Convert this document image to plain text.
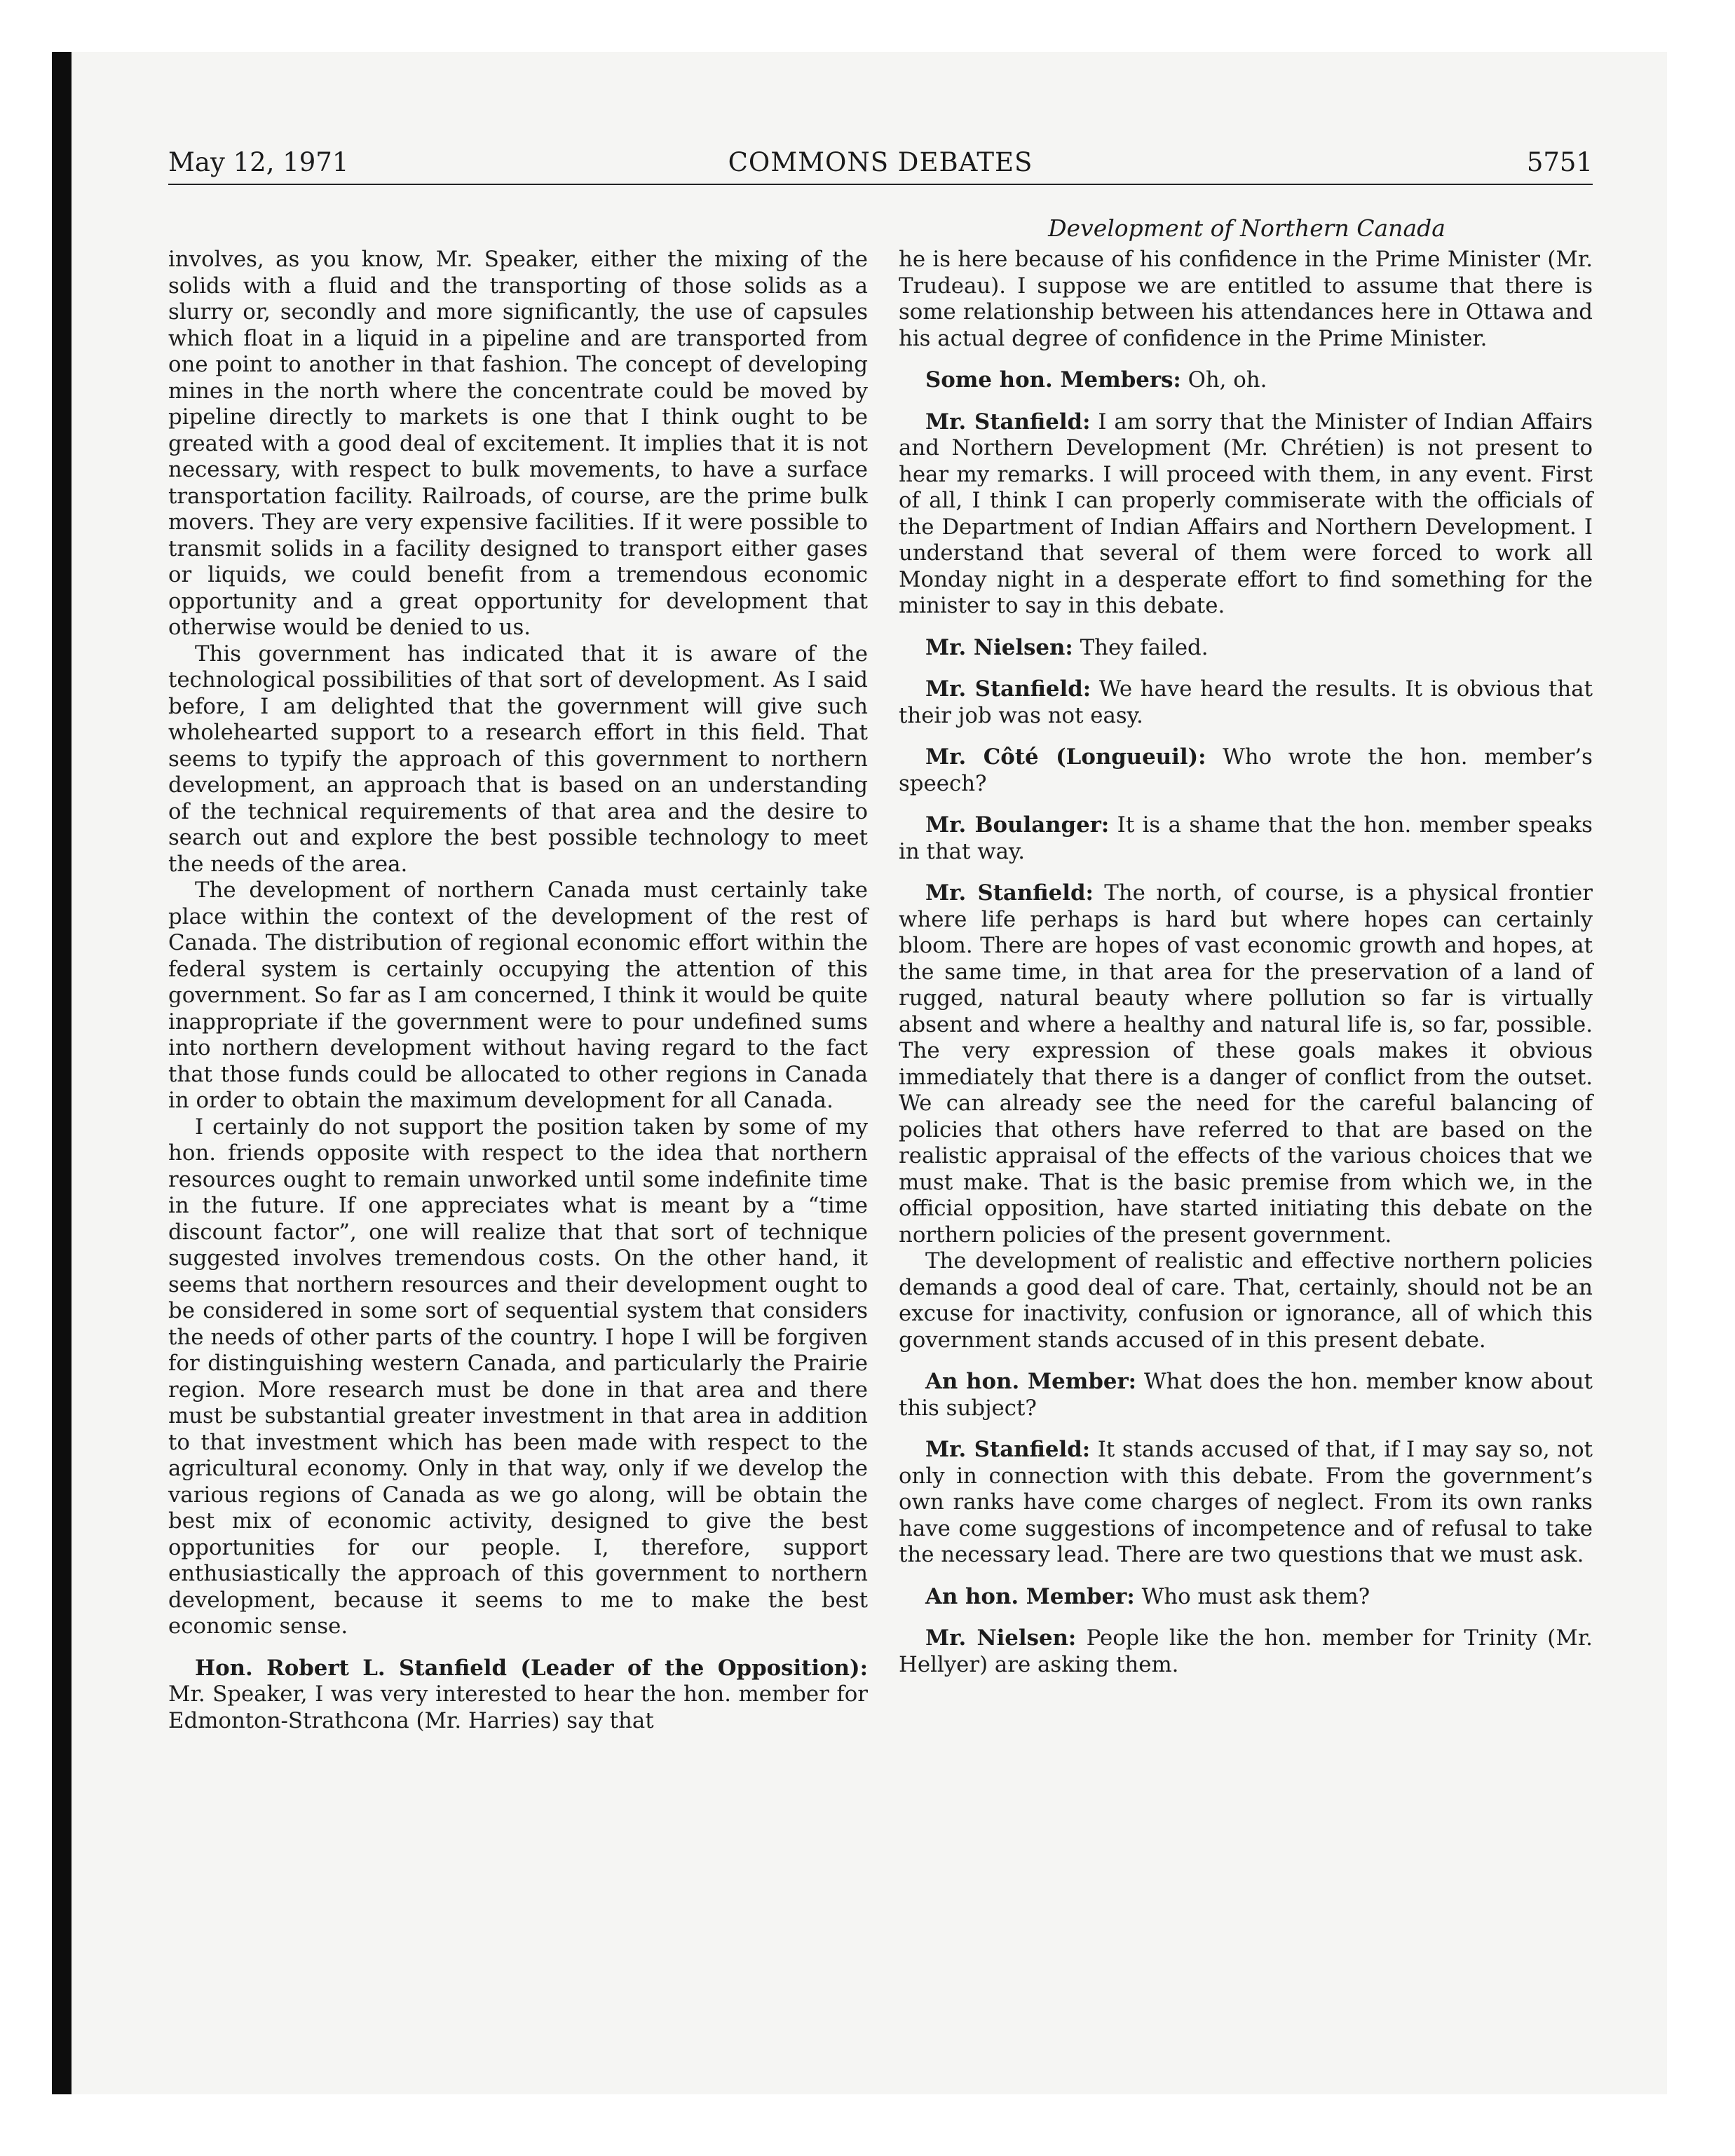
May 12, 1971	COMMONS DEBATES	5751
Development of Northern Canada

involves, as you know, Mr. Speaker, either the mixing of the solids with a fluid and the transporting of those solids as a slurry or, secondly and more significantly, the use of capsules which float in a liquid in a pipeline and are transported from one point to another in that fashion. The concept of developing mines in the north where the concentrate could be moved by pipeline directly to markets is one that I think ought to be greated with a good deal of excitement. It implies that it is not necessary, with respect to bulk movements, to have a surface transportation facility. Railroads, of course, are the prime bulk movers. They are very expensive facilities. If it were possible to transmit solids in a facility designed to transport either gases or liquids, we could benefit from a tremendous economic opportunity and a great opportunity for development that otherwise would be denied to us.

This government has indicated that it is aware of the technological possibilities of that sort of development. As I said before, I am delighted that the government will give such wholehearted support to a research effort in this field. That seems to typify the approach of this government to northern development, an approach that is based on an understanding of the technical requirements of that area and the desire to search out and explore the best possible technology to meet the needs of the area.

The development of northern Canada must certainly take place within the context of the development of the rest of Canada. The distribution of regional economic effort within the federal system is certainly occupying the attention of this government. So far as I am concerned, I think it would be quite inappropriate if the government were to pour undefined sums into northern development without having regard to the fact that those funds could be allocated to other regions in Canada in order to obtain the maximum development for all Canada.

I certainly do not support the position taken by some of my hon. friends opposite with respect to the idea that northern resources ought to remain unworked until some indefinite time in the future. If one appreciates what is meant by a “time discount factor”, one will realize that that sort of technique suggested involves tremendous costs. On the other hand, it seems that northern resources and their development ought to be considered in some sort of sequential system that considers the needs of other parts of the country. I hope I will be forgiven for distinguishing western Canada, and particularly the Prairie region. More research must be done in that area and there must be substantial greater investment in that area in addition to that investment which has been made with respect to the agricultural economy. Only in that way, only if we develop the various regions of Canada as we go along, will be obtain the best mix of economic activity, designed to give the best opportunities for our people. I, therefore, support enthusiastically the approach of this government to northern development, because it seems to me to make the best economic sense.

Hon. Robert L. Stanfield (Leader of the Opposition): Mr. Speaker, I was very interested to hear the hon. member for Edmonton-Strathcona (Mr. Harries) say that

he is here because of his confidence in the Prime Minister (Mr. Trudeau). I suppose we are entitled to assume that there is some relationship between his attendances here in Ottawa and his actual degree of confidence in the Prime Minister.

Some hon. Members: Oh, oh.

Mr. Stanfield: I am sorry that the Minister of Indian Affairs and Northern Development (Mr. Chrétien) is not present to hear my remarks. I will proceed with them, in any event. First of all, I think I can properly commiserate with the officials of the Department of Indian Affairs and Northern Development. I understand that several of them were forced to work all Monday night in a desperate effort to find something for the minister to say in this debate.

Mr. Nielsen: They failed.

Mr. Stanfield: We have heard the results. It is obvious that their job was not easy.

Mr. Côté (Longueuil): Who wrote the hon. member’s speech?

Mr. Boulanger: It is a shame that the hon. member speaks in that way.

Mr. Stanfield: The north, of course, is a physical frontier where life perhaps is hard but where hopes can certainly bloom. There are hopes of vast economic growth and hopes, at the same time, in that area for the preservation of a land of rugged, natural beauty where pollution so far is virtually absent and where a healthy and natural life is, so far, possible. The very expression of these goals makes it obvious immediately that there is a danger of conflict from the outset. We can already see the need for the careful balancing of policies that others have referred to that are based on the realistic appraisal of the effects of the various choices that we must make. That is the basic premise from which we, in the official opposition, have started initiating this debate on the northern policies of the present government.

The development of realistic and effective northern policies demands a good deal of care. That, certainly, should not be an excuse for inactivity, confusion or ignorance, all of which this government stands accused of in this present debate.

An hon. Member: What does the hon. member know about this subject?

Mr. Stanfield: It stands accused of that, if I may say so, not only in connection with this debate. From the government’s own ranks have come charges of neglect. From its own ranks have come suggestions of incompetence and of refusal to take the necessary lead. There are two questions that we must ask.

An hon. Member: Who must ask them?

Mr. Nielsen: People like the hon. member for Trinity (Mr. Hellyer) are asking them.
